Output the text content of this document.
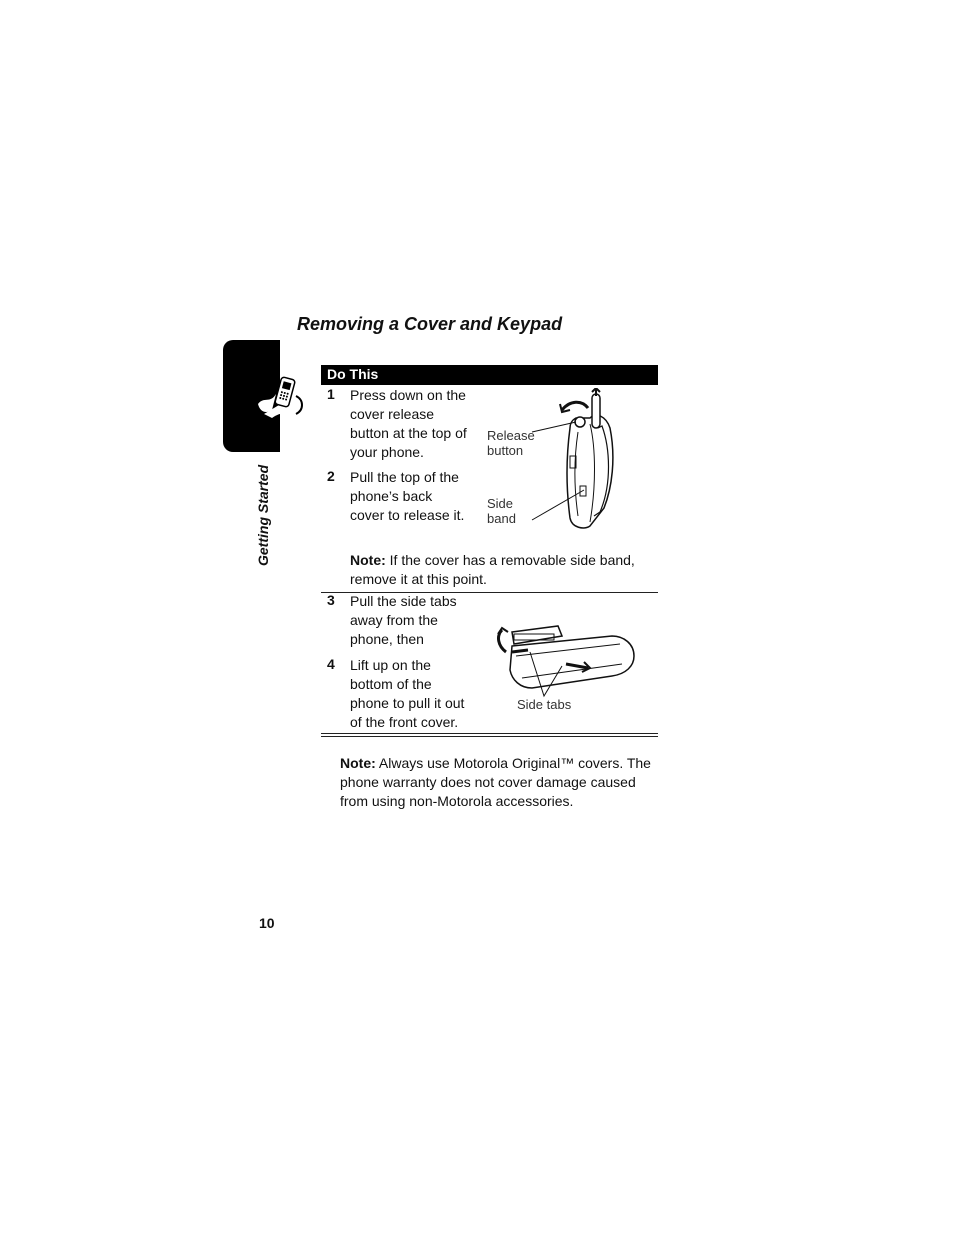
Getting Started
Removing a Cover and Keypad
Do This
1 Press down on the
cover release
button at the top of
your phone.
2 Pull the top of the
phone’s back
cover to release it.
Release
button
Side
band
Note: If the cover has a removable side band,
remove it at this point.
3 Pull the side tabs
away from the
phone, then
4 Lift up on the
bottom of the
phone to pull it out
of the front cover.
Side tabs
Note: Always use Motorola Original™ covers. The
phone warranty does not cover damage caused
from using non-Motorola accessories.
10
